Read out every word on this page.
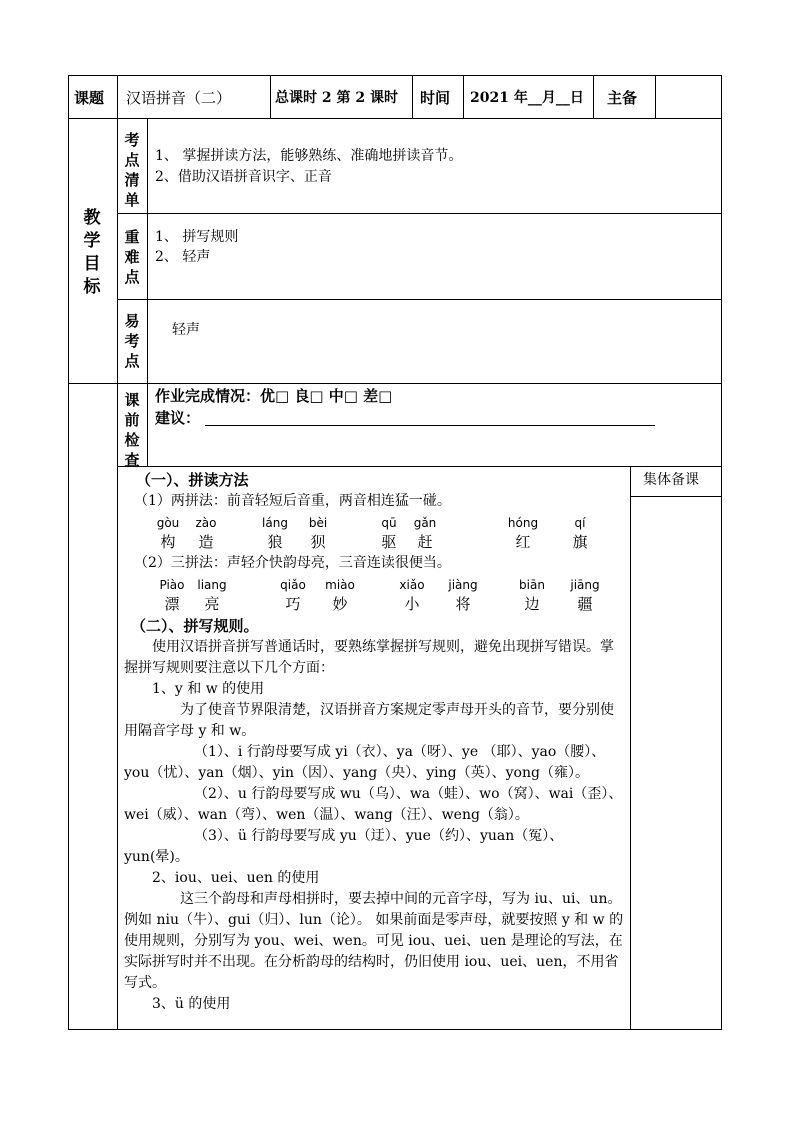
课题 汉语拼音（二）	总课时 2 第 2 课时 时间 2021 年__月__日 主备
教学目标
考点清单
1、 掌握拼读方法，能够熟练、准确地拼读音节。
2、借助汉语拼音识字、正音
重难点
1、 拼写规则
2、 轻声
易考点
轻声
课前检查
作业完成情况：优□ 良□ 中□ 差□
建议：
集体备课
（一）、拼读方法
（1）两拼法：前音轻短后音重，两音相连猛一碰。
gòu
构
zào
造
láng
狼
bèi
狈
qū
驱
gǎn
赶
hóng
红
qí
旗
（2）三拼法：声轻介快韵母亮，三音连读很便当。
Piào
漂
liang
亮
qiǎo
巧
miào
妙
xiǎo
小
jiàng
将
biān
边
jiāng
疆
（二）、拼写规则。

使用汉语拼音拼写普通话时，要熟练掌握拼写规则，避免出现拼写错误。掌握拼写规则要注意以下几个方面：

1、y 和 w 的使用

为了使音节界限清楚，汉语拼音方案规定零声母开头的音节，要分别使用隔音字母 y 和 w。

（1）、i 行韵母要写成 yi（衣）、ya（呀）、ye （耶）、yao（腰）、you（忧）、yan（烟）、yin（因）、yang（央）、ying（英）、yong（雍）。

（2）、u 行韵母要写成 wu（乌）、wa（蛙）、wo（窝）、wai（歪）、wei（威）、wan（弯）、wen（温）、wang（汪）、weng（翁）。

（3）、ü 行韵母要写成 yu（迂）、yue（约）、yuan（冤）、yun(晕)。

2、iou、uei、uen 的使用

这三个韵母和声母相拼时，要去掉中间的元音字母，写为 iu、ui、un。例如 niu（牛）、gui（归）、lun（论）。 如果前面是零声母，就要按照 y 和 w 的使用规则，分别写为 you、wei、wen。可见 iou、uei、uen 是理论的写法，在实际拼写时并不出现。在分析韵母的结构时，仍旧使用 iou、uei、uen，不用省写式。

3、ü 的使用
